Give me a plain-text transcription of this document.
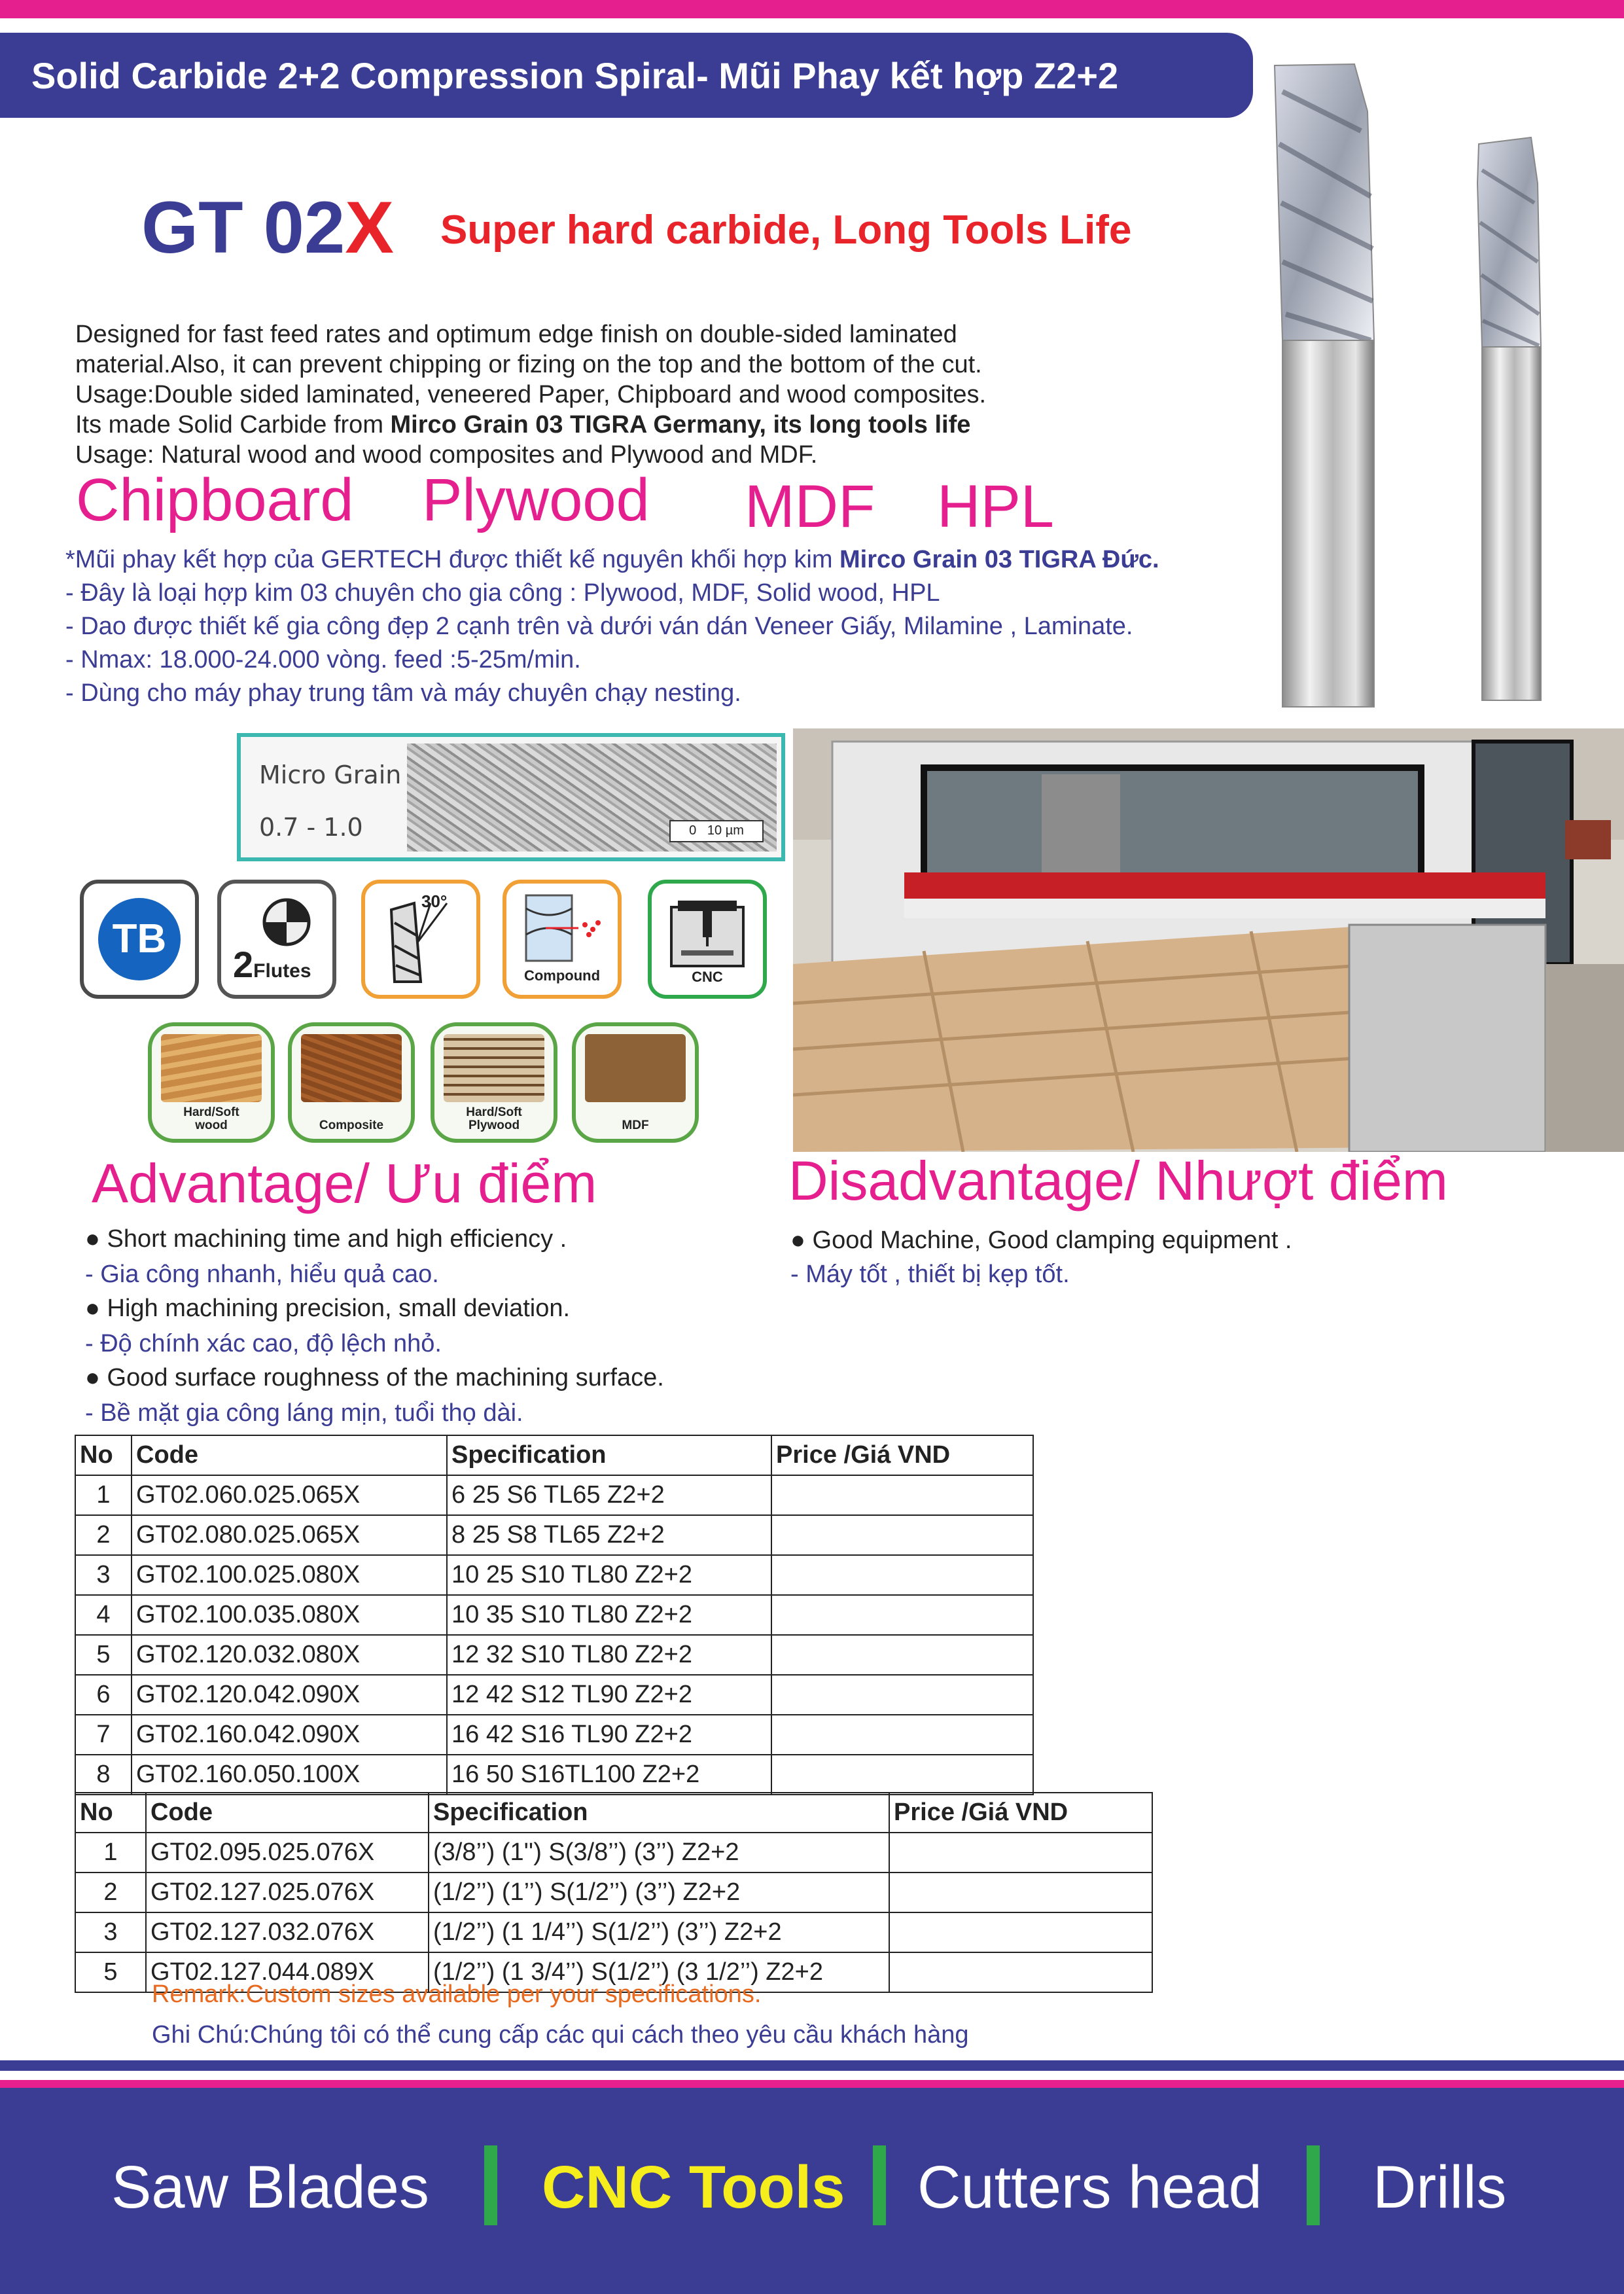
Solid Carbide 2+2 Compression Spiral- Mũi Phay kết hợp Z2+2
GT 02X Super hard carbide, Long Tools Life

Designed for fast feed rates and optimum edge finish on double-sided laminated

material.Also, it can prevent chipping or fizing on the top and the bottom of the cut.

Usage:Double sided laminated, veneered Paper, Chipboard and wood composites.

Its made Solid Carbide from Mirco Grain 03 TIGRA Germany, its long tools life

Usage: Natural wood and wood composites and Plywood and MDF.

Chipboard Plywood MDF HPL

*Mũi phay kết hợp của GERTECH được thiết kế nguyên khối hợp kim Mirco Grain 03 TIGRA Đức.

- Đây là loại hợp kim 03 chuyên cho gia công : Plywood, MDF, Solid wood, HPL

- Dao được thiết kế gia công đẹp 2 cạnh trên và dưới ván dán Veneer Giấy, Milamine , Laminate.

- Nmax: 18.000-24.000 vòng. feed :5-25m/min.

- Dùng cho máy phay trung tâm và máy chuyên chạy nesting.

Micro Grain
0.7 - 1.0	0 10 µm
TB
2Flutes
30°
Compound	CNC
Hard/Soft
wood	Composite
Hard/Soft
Plywood	MDF
Advantage/ Ưu điểm	Disadvantage/ Nhượt điểm
● Short machining time and high efficiency .
- Gia công nhanh, hiểu quả cao.
● High machining precision, small deviation.
- Độ chính xác cao, độ lệch nhỏ.
● Good surface roughness of the machining surface.
- Bề mặt gia công láng mịn, tuổi thọ dài.
● Good Machine, Good clamping equipment .
- Máy tốt , thiết bị kẹp tốt.
No	Code	Specification	Price /Giá VND
1	GT02.060.025.065X	6 25 S6 TL65 Z2+2	
2	GT02.080.025.065X	8 25 S8 TL65 Z2+2	
3	GT02.100.025.080X	10 25 S10 TL80 Z2+2	
4	GT02.100.035.080X	10 35 S10 TL80 Z2+2	
5	GT02.120.032.080X	12 32 S10 TL80 Z2+2	
6	GT02.120.042.090X	12 42 S12 TL90 Z2+2	
7	GT02.160.042.090X	16 42 S16 TL90 Z2+2	
8	GT02.160.050.100X	16 50 S16TL100 Z2+2	
No	Code	Specification	Price /Giá VND
1	GT02.095.025.076X	(3/8’’) (1'') S(3/8’’) (3’’) Z2+2	
2	GT02.127.025.076X	(1/2’’) (1’’) S(1/2’’) (3’’) Z2+2	
3	GT02.127.032.076X	(1/2’’) (1 1/4’’) S(1/2’’) (3’’) Z2+2	
5	GT02.127.044.089X	(1/2’’) (1 3/4’’) S(1/2’’) (3 1/2’’) Z2+2	
Remark:Custom sizes available per your specifications.
Ghi Chú:Chúng tôi có thể cung cấp các qui cách theo yêu cầu khách hàng
Saw Blades CNC Tools Cutters head Drills
